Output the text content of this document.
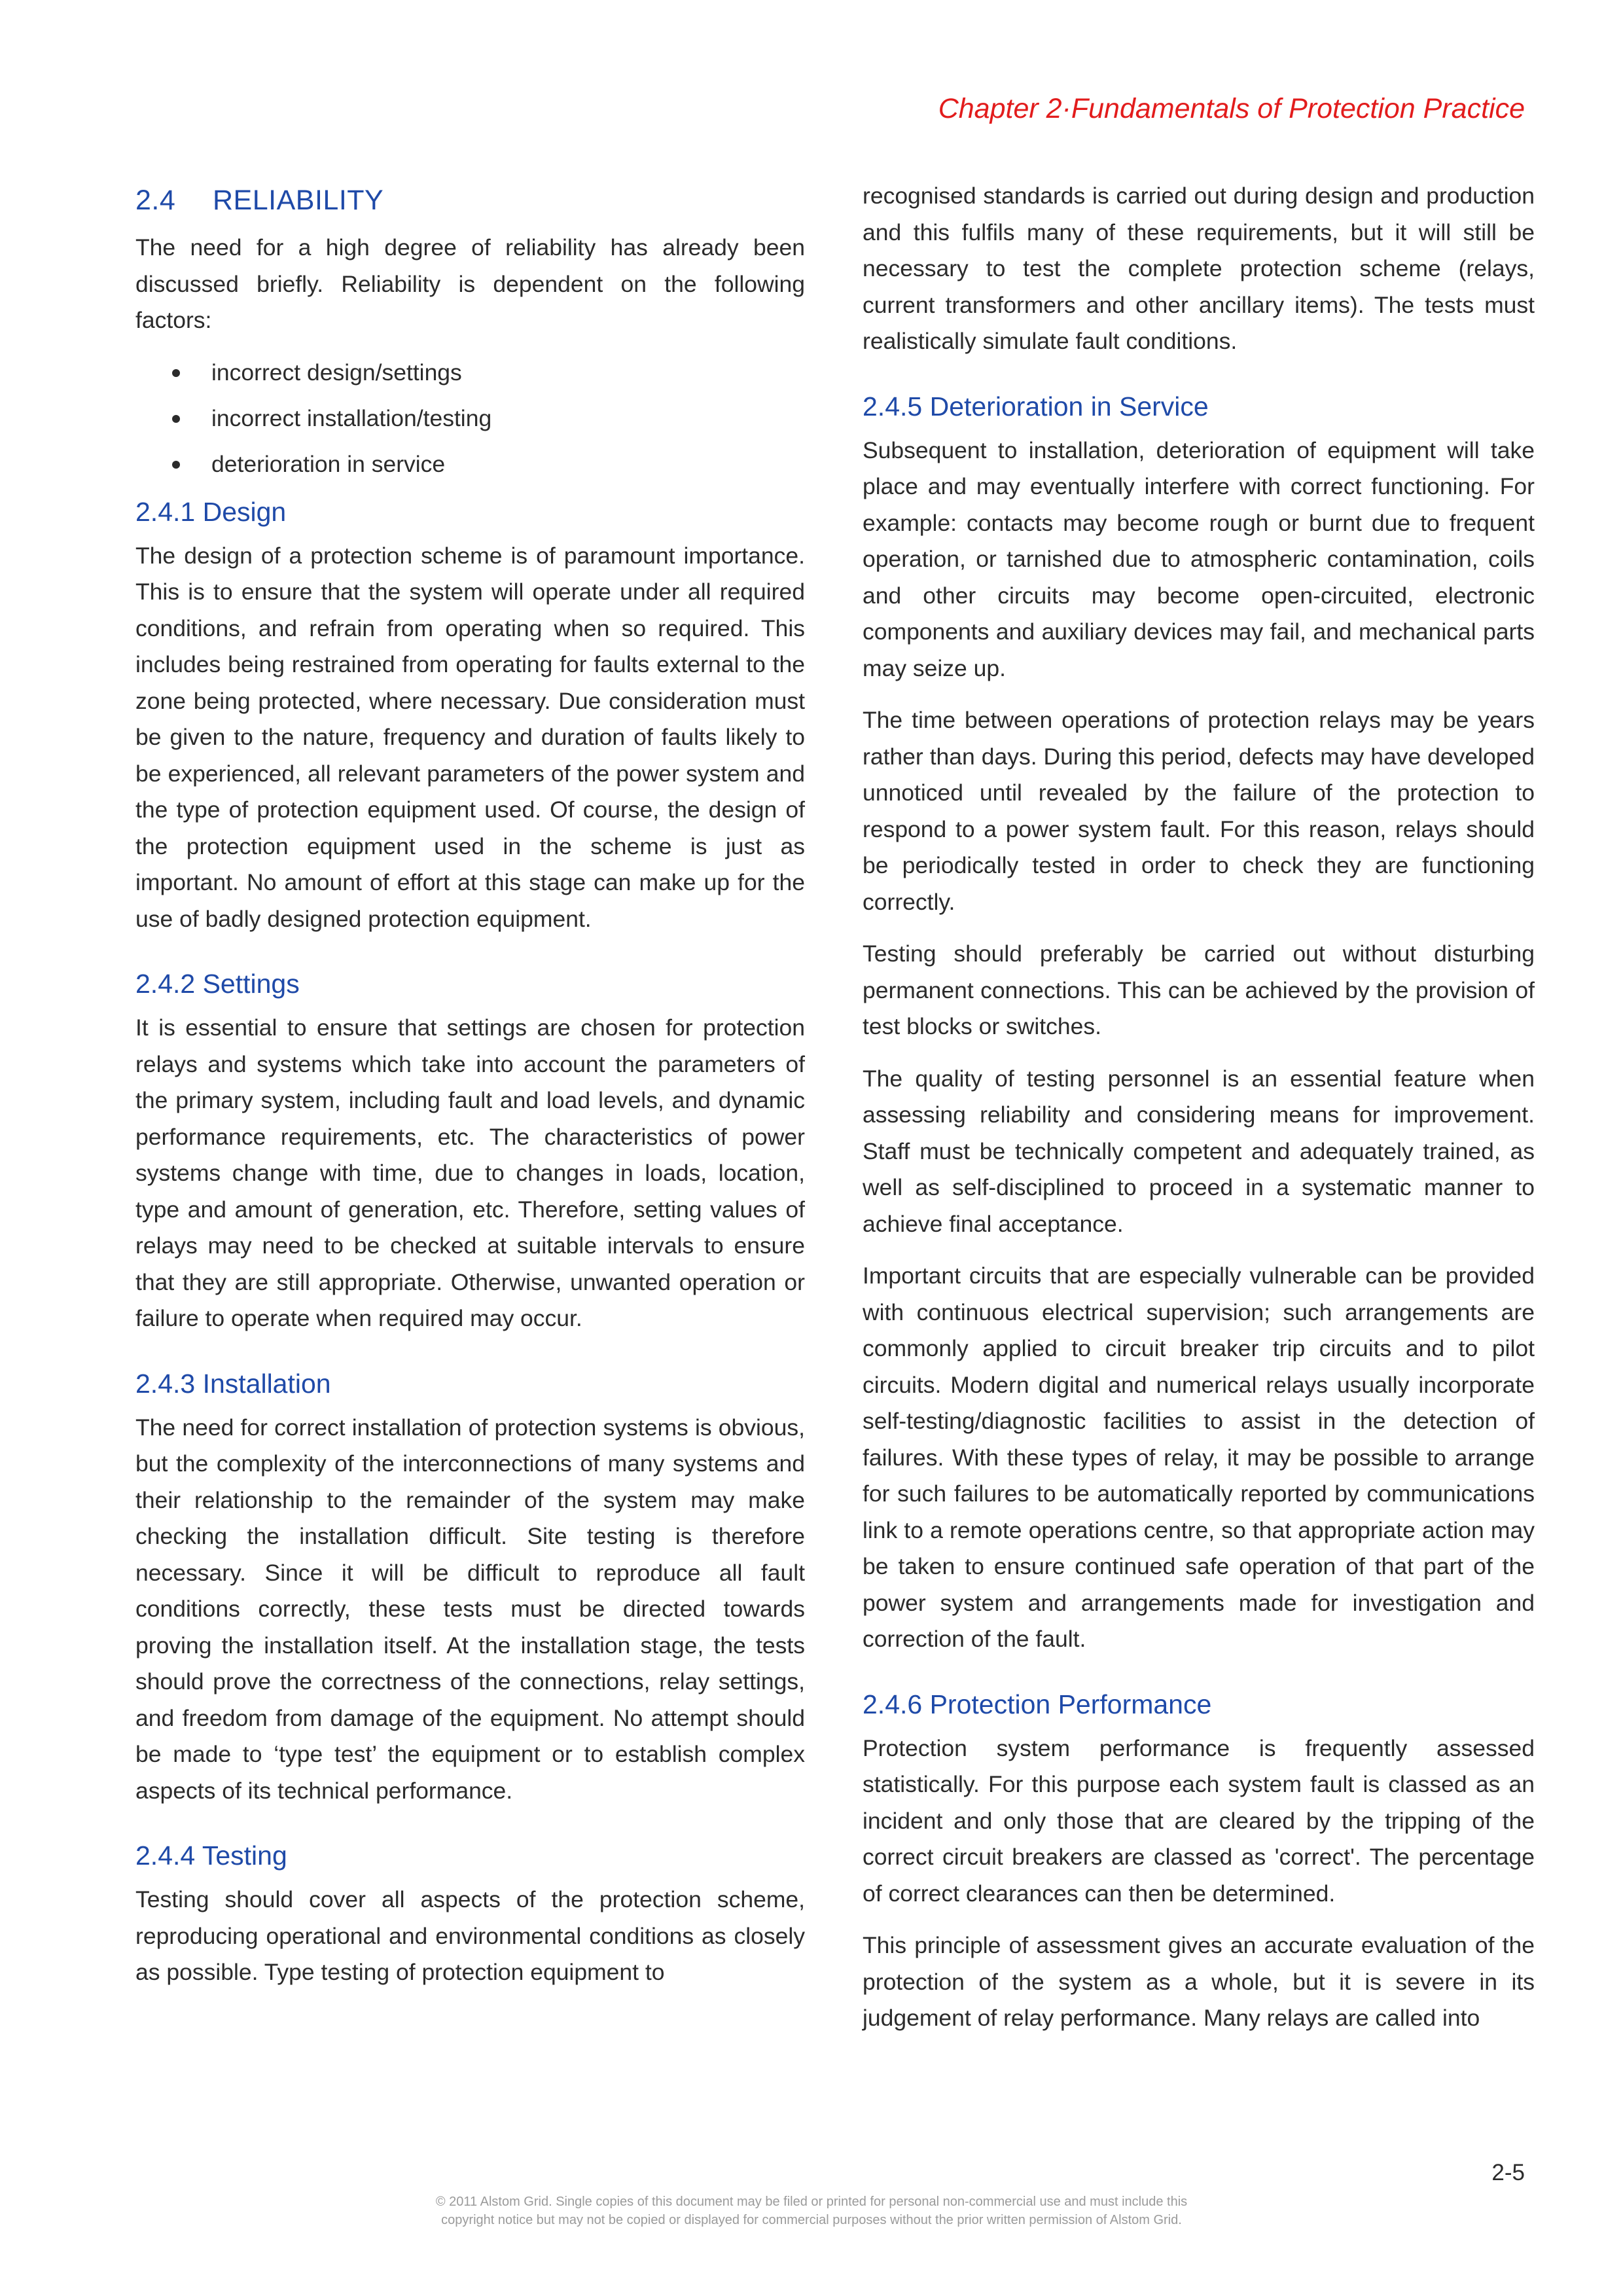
Chapter 2·Fundamentals of Protection Practice
2.4 RELIABILITY

The need for a high degree of reliability has already been discussed briefly. Reliability is dependent on the following factors:

incorrect design/settings
incorrect installation/testing
deterioration in service
2.4.1 Design

The design of a protection scheme is of paramount importance. This is to ensure that the system will operate under all required conditions, and refrain from operating when so required. This includes being restrained from operating for faults external to the zone being protected, where necessary. Due consideration must be given to the nature, frequency and duration of faults likely to be experienced, all relevant parameters of the power system and the type of protection equipment used. Of course, the design of the protection equipment used in the scheme is just as important. No amount of effort at this stage can make up for the use of badly designed protection equipment.

2.4.2 Settings

It is essential to ensure that settings are chosen for protection relays and systems which take into account the parameters of the primary system, including fault and load levels, and dynamic performance requirements, etc. The characteristics of power systems change with time, due to changes in loads, location, type and amount of generation, etc. Therefore, setting values of relays may need to be checked at suitable intervals to ensure that they are still appropriate. Otherwise, unwanted operation or failure to operate when required may occur.

2.4.3 Installation

The need for correct installation of protection systems is obvious, but the complexity of the interconnections of many systems and their relationship to the remainder of the system may make checking the installation difficult. Site testing is therefore necessary. Since it will be difficult to reproduce all fault conditions correctly, these tests must be directed towards proving the installation itself. At the installation stage, the tests should prove the correctness of the connections, relay settings, and freedom from damage of the equipment. No attempt should be made to ‘type test’ the equipment or to establish complex aspects of its technical performance.

2.4.4 Testing

Testing should cover all aspects of the protection scheme, reproducing operational and environmental conditions as closely as possible. Type testing of protection equipment to

recognised standards is carried out during design and production and this fulfils many of these requirements, but it will still be necessary to test the complete protection scheme (relays, current transformers and other ancillary items). The tests must realistically simulate fault conditions.

2.4.5 Deterioration in Service

Subsequent to installation, deterioration of equipment will take place and may eventually interfere with correct functioning. For example: contacts may become rough or burnt due to frequent operation, or tarnished due to atmospheric contamination, coils and other circuits may become open-circuited, electronic components and auxiliary devices may fail, and mechanical parts may seize up.

The time between operations of protection relays may be years rather than days. During this period, defects may have developed unnoticed until revealed by the failure of the protection to respond to a power system fault. For this reason, relays should be periodically tested in order to check they are functioning correctly.

Testing should preferably be carried out without disturbing permanent connections. This can be achieved by the provision of test blocks or switches.

The quality of testing personnel is an essential feature when assessing reliability and considering means for improvement. Staff must be technically competent and adequately trained, as well as self-disciplined to proceed in a systematic manner to achieve final acceptance.

Important circuits that are especially vulnerable can be provided with continuous electrical supervision; such arrangements are commonly applied to circuit breaker trip circuits and to pilot circuits. Modern digital and numerical relays usually incorporate self-testing/diagnostic facilities to assist in the detection of failures. With these types of relay, it may be possible to arrange for such failures to be automatically reported by communications link to a remote operations centre, so that appropriate action may be taken to ensure continued safe operation of that part of the power system and arrangements made for investigation and correction of the fault.

2.4.6 Protection Performance

Protection system performance is frequently assessed statistically. For this purpose each system fault is classed as an incident and only those that are cleared by the tripping of the correct circuit breakers are classed as 'correct'. The percentage of correct clearances can then be determined.

This principle of assessment gives an accurate evaluation of the protection of the system as a whole, but it is severe in its judgement of relay performance. Many relays are called into

2-5
© 2011 Alstom Grid. Single copies of this document may be filed or printed for personal non-commercial use and must include this
copyright notice but may not be copied or displayed for commercial purposes without the prior written permission of Alstom Grid.
